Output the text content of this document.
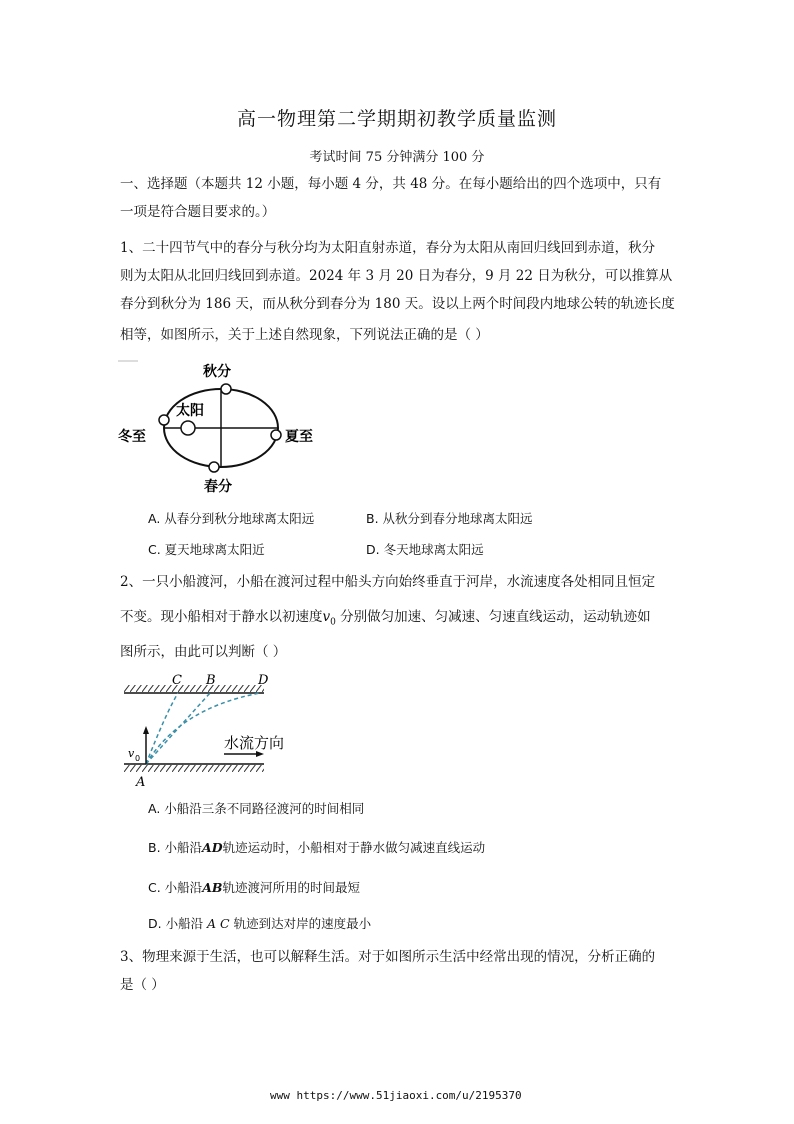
高一物理第二学期期初教学质量监测
考试时间 75 分钟满分 100 分
一、选择题（本题共 12 小题，每小题 4 分，共 48 分。在每小题给出的四个选项中，只有
一项是符合题目要求的。）
1、二十四节气中的春分与秋分均为太阳直射赤道，春分为太阳从南回归线回到赤道，秋分
则为太阳从北回归线回到赤道。2024 年 3 月 20 日为春分，9 月 22 日为秋分，可以推算从
春分到秋分为 186 天，而从秋分到春分为 180 天。设以上两个时间段内地球公转的轨迹长度
相等，如图所示，关于上述自然现象，下列说法正确的是（ ）
秋分
太阳
冬至	夏至
春分
A. 从春分到秋分地球离太阳远	B. 从秋分到春分地球离太阳远
C. 夏天地球离太阳近	D. 冬天地球离太阳远
2、一只小船渡河，小船在渡河过程中船头方向始终垂直于河岸，水流速度各处相同且恒定
不变。现小船相对于静水以初速度$v_0$ 分别做匀加速、匀减速、匀速直线运动，运动轨迹如
图所示，由此可以判断（ ）
C B	D
A
v 0
水流方向
A. 小船沿三条不同路径渡河的时间相同
B. 小船沿AD轨迹运动时，小船相对于静水做匀减速直线运动
C. 小船沿AB轨迹渡河所用的时间最短
D. 小船沿 A C 轨迹到达对岸的速度最小
3、物理来源于生活，也可以解释生活。对于如图所示生活中经常出现的情况，分析正确的
是（ ）
www https://www.51jiaoxi.com/u/2195370
